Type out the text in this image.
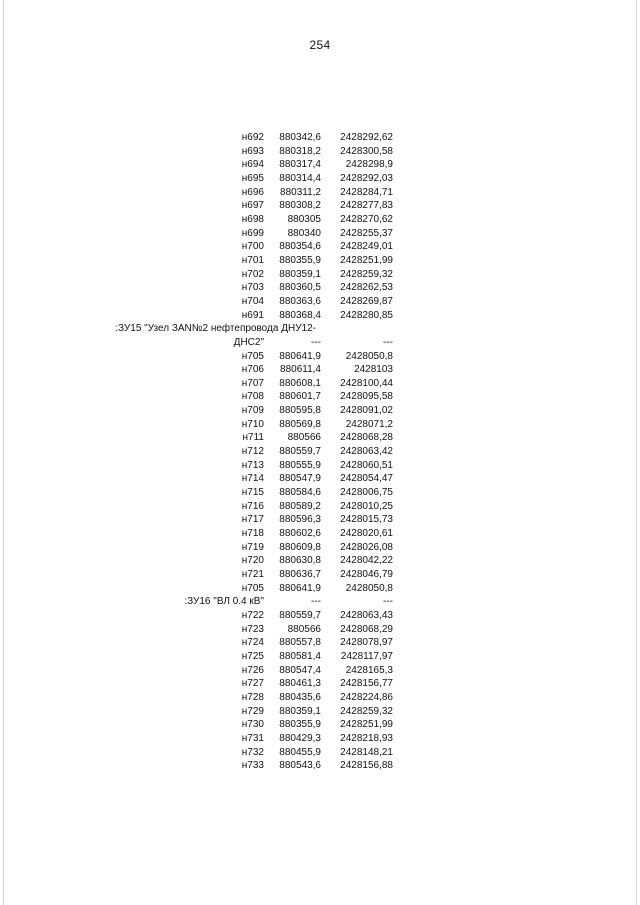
254
н692	880342,6	2428292,62
н693	880318,2	2428300,58
н694	880317,4	2428298,9
н695	880314,4	2428292,03
н696	880311,2	2428284,71
н697	880308,2	2428277,83
н698	880305	2428270,62
н699	880340	2428255,37
н700	880354,6	2428249,01
н701	880355,9	2428251,99
н702	880359,1	2428259,32
н703	880360,5	2428262,53
н704	880363,6	2428269,87
н691	880368,4	2428280,85
:ЗУ15 "Узел ЗАN№2 нефтепровода ДНУ12-
ДНС2"	---	---
н705	880641,9	2428050,8
н706	880611,4	2428103
н707	880608,1	2428100,44
н708	880601,7	2428095,58
н709	880595,8	2428091,02
н710	880569,8	2428071,2
н711	880566	2428068,28
н712	880559,7	2428063,42
н713	880555,9	2428060,51
н714	880547,9	2428054,47
н715	880584,6	2428006,75
н716	880589,2	2428010,25
н717	880596,3	2428015,73
н718	880602,6	2428020,61
н719	880609,8	2428026,08
н720	880630,8	2428042,22
н721	880636,7	2428046,79
н705	880641,9	2428050,8
:ЗУ16 "ВЛ 0.4 кВ"	---	---
н722	880559,7	2428063,43
н723	880566	2428068,29
н724	880557,8	2428078,97
н725	880581,4	2428117,97
н726	880547,4	2428165,3
н727	880461,3	2428156,77
н728	880435,6	2428224,86
н729	880359,1	2428259,32
н730	880355,9	2428251,99
н731	880429,3	2428218,93
н732	880455,9	2428148,21
н733	880543,6	2428156,88
